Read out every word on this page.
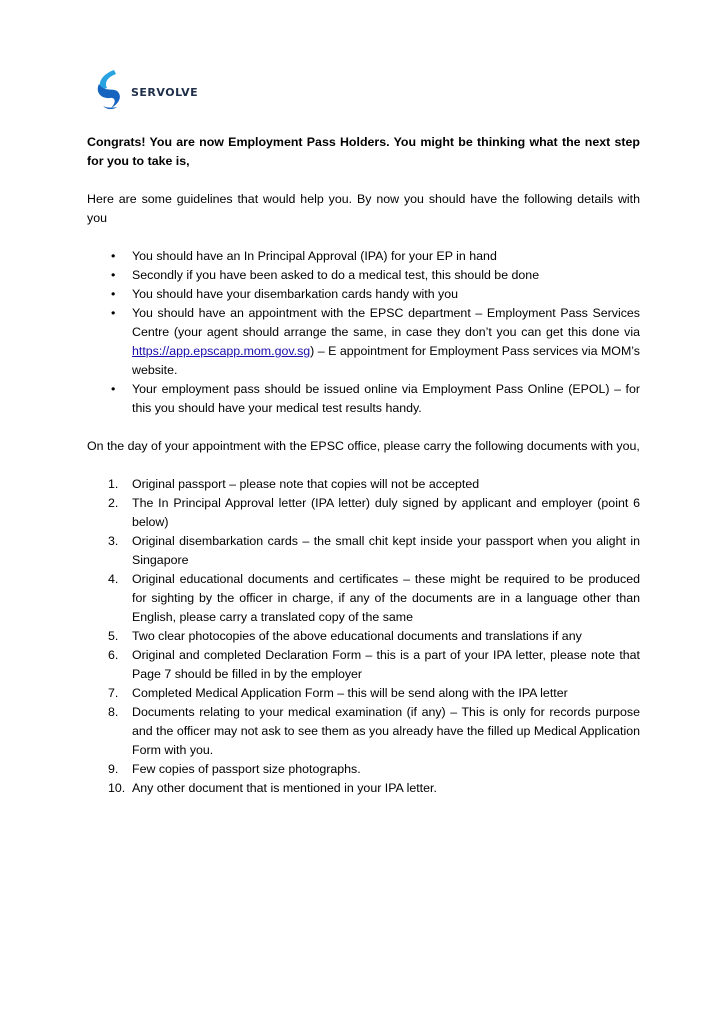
SERVOLVE

Congrats! You are now Employment Pass Holders. You might be thinking what the next step for you to take is,

Here are some guidelines that would help you. By now you should have the following details with you

• You should have an In Principal Approval (IPA) for your EP in hand
• Secondly if you have been asked to do a medical test, this should be done
• You should have your disembarkation cards handy with you
• You should have an appointment with the EPSC department – Employment Pass Services Centre (your agent should arrange the same, in case they don’t you can get this done via https://app.epscapp.mom.gov.sg) – E appointment for Employment Pass services via MOM’s website.
• Your employment pass should be issued online via Employment Pass Online (EPOL) – for this you should have your medical test results handy.

On the day of your appointment with the EPSC office, please carry the following documents with you,

1. Original passport – please note that copies will not be accepted
2. The In Principal Approval letter (IPA letter) duly signed by applicant and employer (point 6 below)
3. Original disembarkation cards – the small chit kept inside your passport when you alight in Singapore
4. Original educational documents and certificates – these might be required to be produced for sighting by the officer in charge, if any of the documents are in a language other than English, please carry a translated copy of the same
5. Two clear photocopies of the above educational documents and translations if any
6. Original and completed Declaration Form – this is a part of your IPA letter, please note that Page 7 should be filled in by the employer
7. Completed Medical Application Form – this will be send along with the IPA letter
8. Documents relating to your medical examination (if any) – This is only for records purpose and the officer may not ask to see them as you already have the filled up Medical Application Form with you.
9. Few copies of passport size photographs.
10. Any other document that is mentioned in your IPA letter.
